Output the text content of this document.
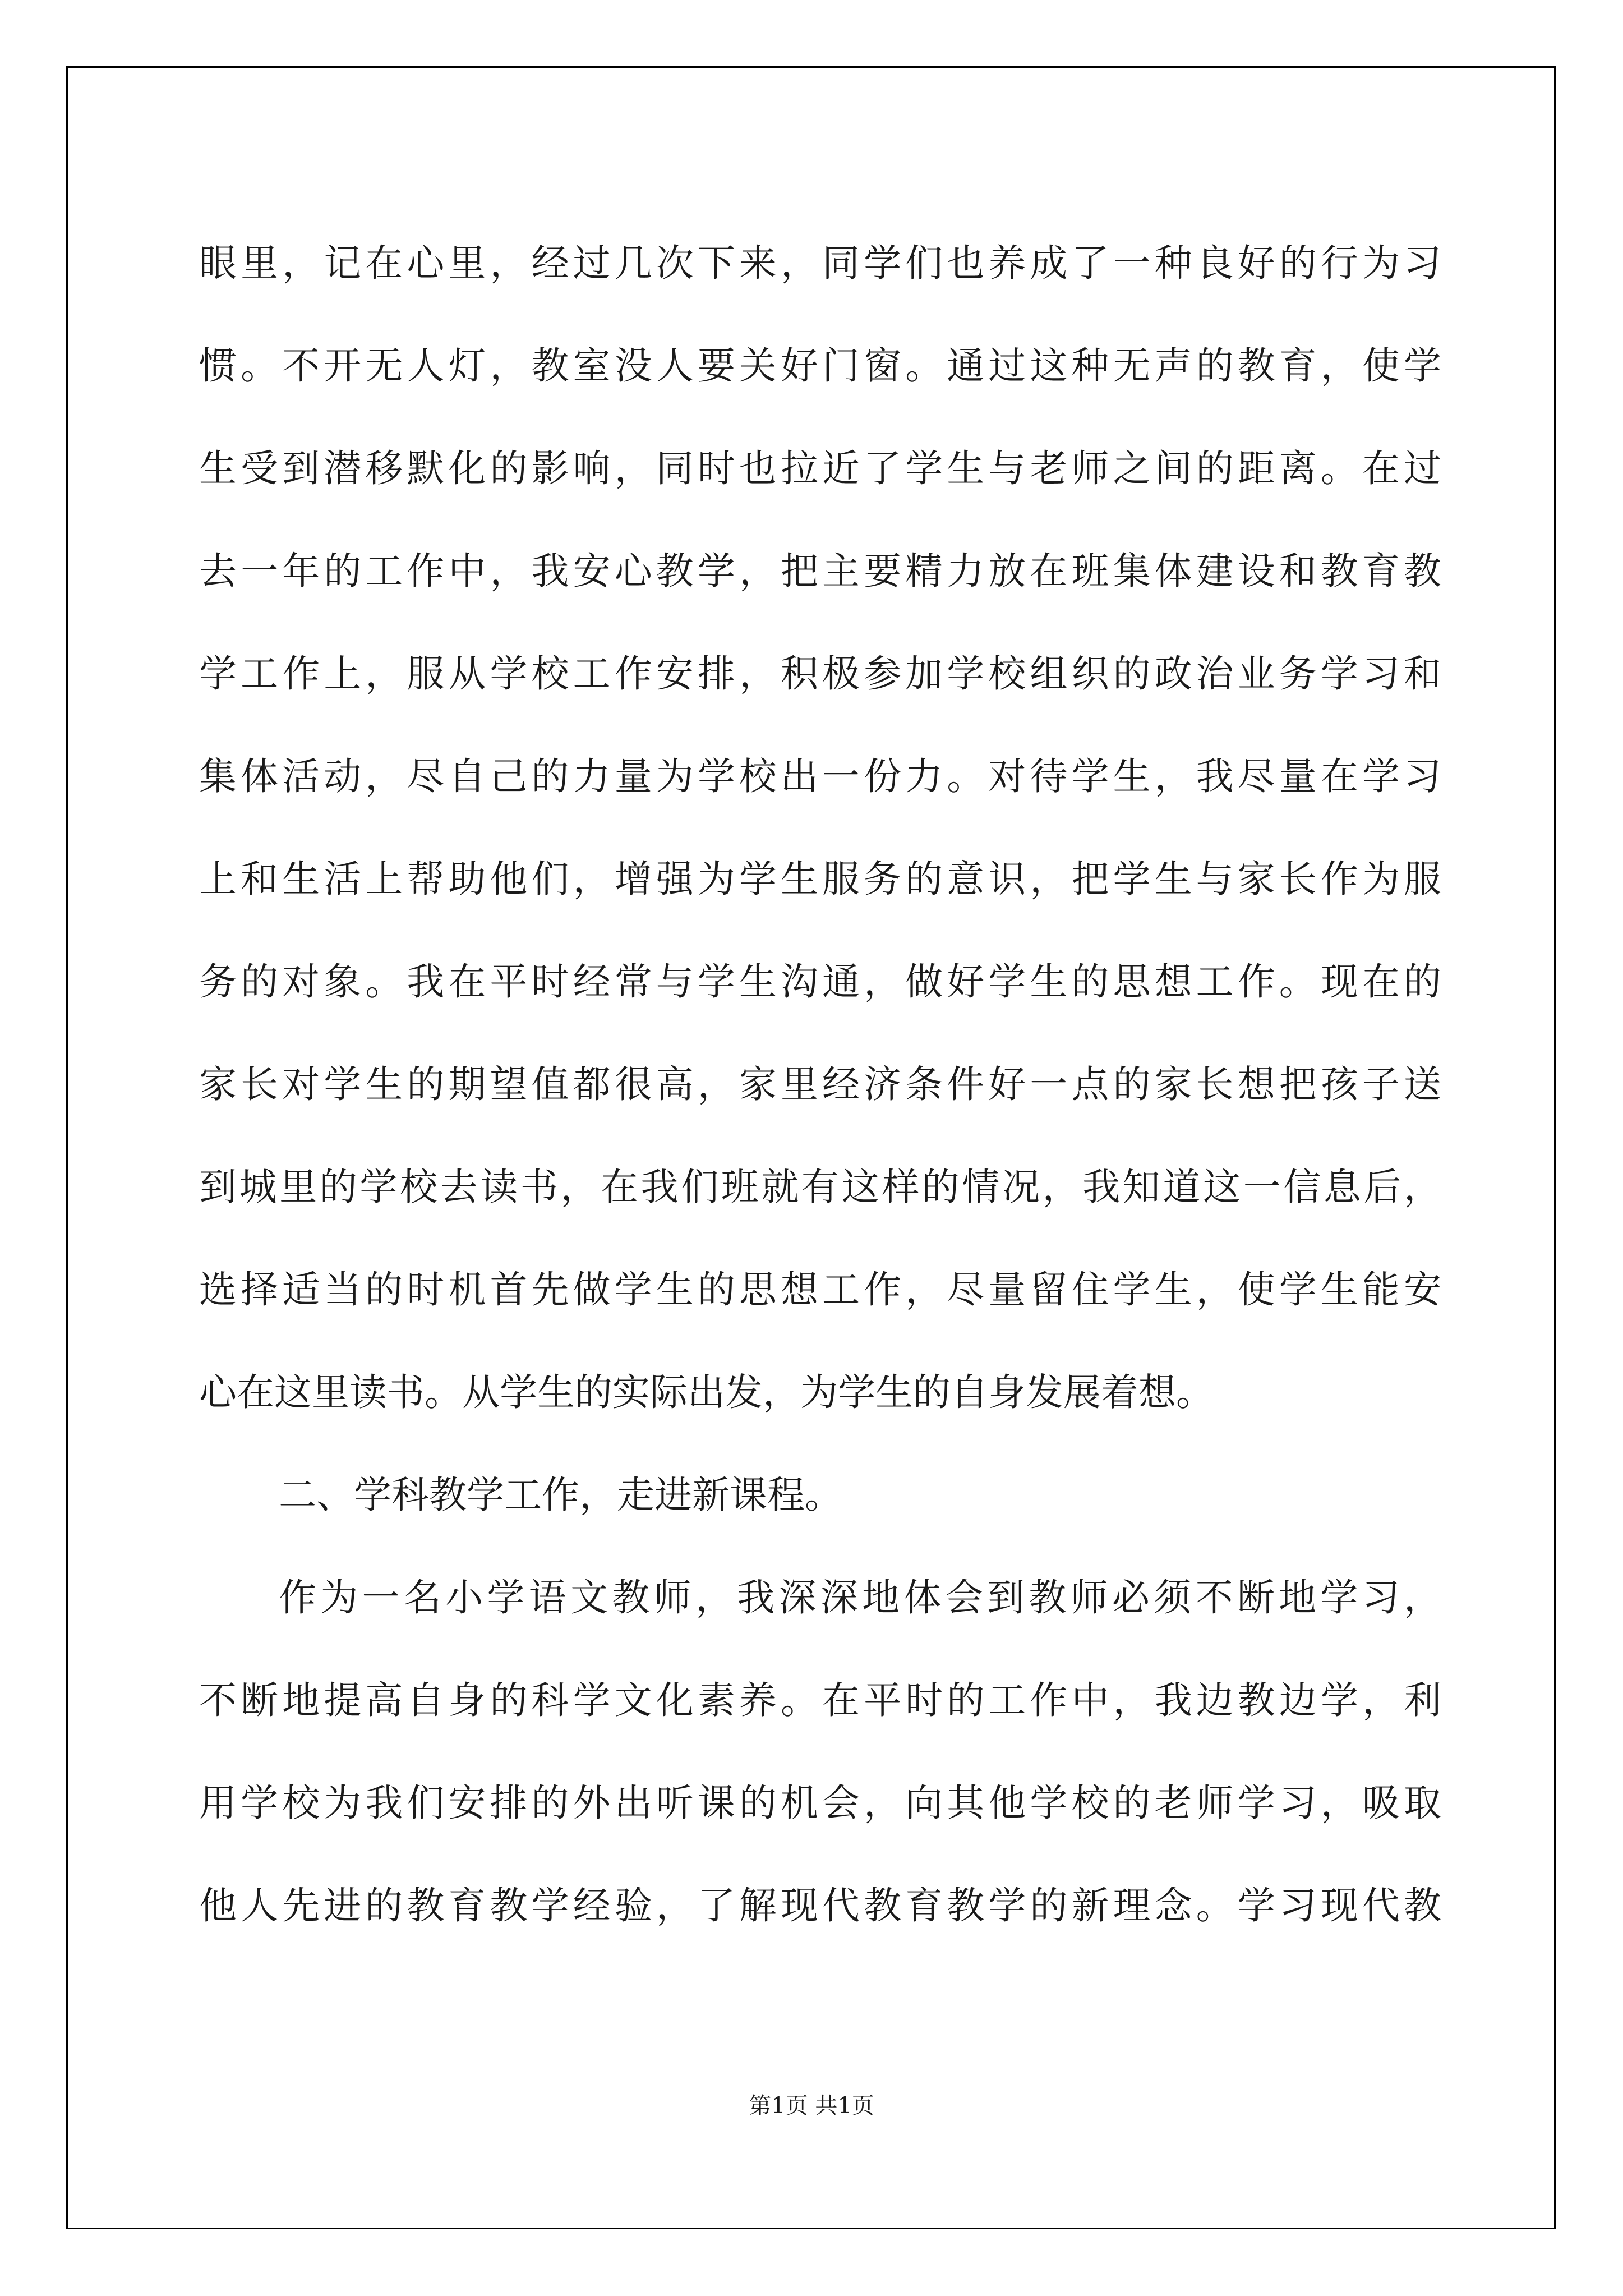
眼里，记在心里，经过几次下来，同学们也养成了一种良好的行为习
惯。不开无人灯，教室没人要关好门窗。通过这种无声的教育，使学
生受到潜移默化的影响，同时也拉近了学生与老师之间的距离。在过
去一年的工作中，我安心教学，把主要精力放在班集体建设和教育教
学工作上，服从学校工作安排，积极参加学校组织的政治业务学习和
集体活动，尽自己的力量为学校出一份力。对待学生，我尽量在学习
上和生活上帮助他们，增强为学生服务的意识，把学生与家长作为服
务的对象。我在平时经常与学生沟通，做好学生的思想工作。现在的
家长对学生的期望值都很高，家里经济条件好一点的家长想把孩子送
到城里的学校去读书，在我们班就有这样的情况，我知道这一信息后，
选择适当的时机首先做学生的思想工作，尽量留住学生，使学生能安
心在这里读书。从学生的实际出发，为学生的自身发展着想。
二、学科教学工作，走进新课程。
作为一名小学语文教师，我深深地体会到教师必须不断地学习，
不断地提高自身的科学文化素养。在平时的工作中，我边教边学，利
用学校为我们安排的外出听课的机会，向其他学校的老师学习，吸取
他人先进的教育教学经验，了解现代教育教学的新理念。学习现代教
第1页 共1页
